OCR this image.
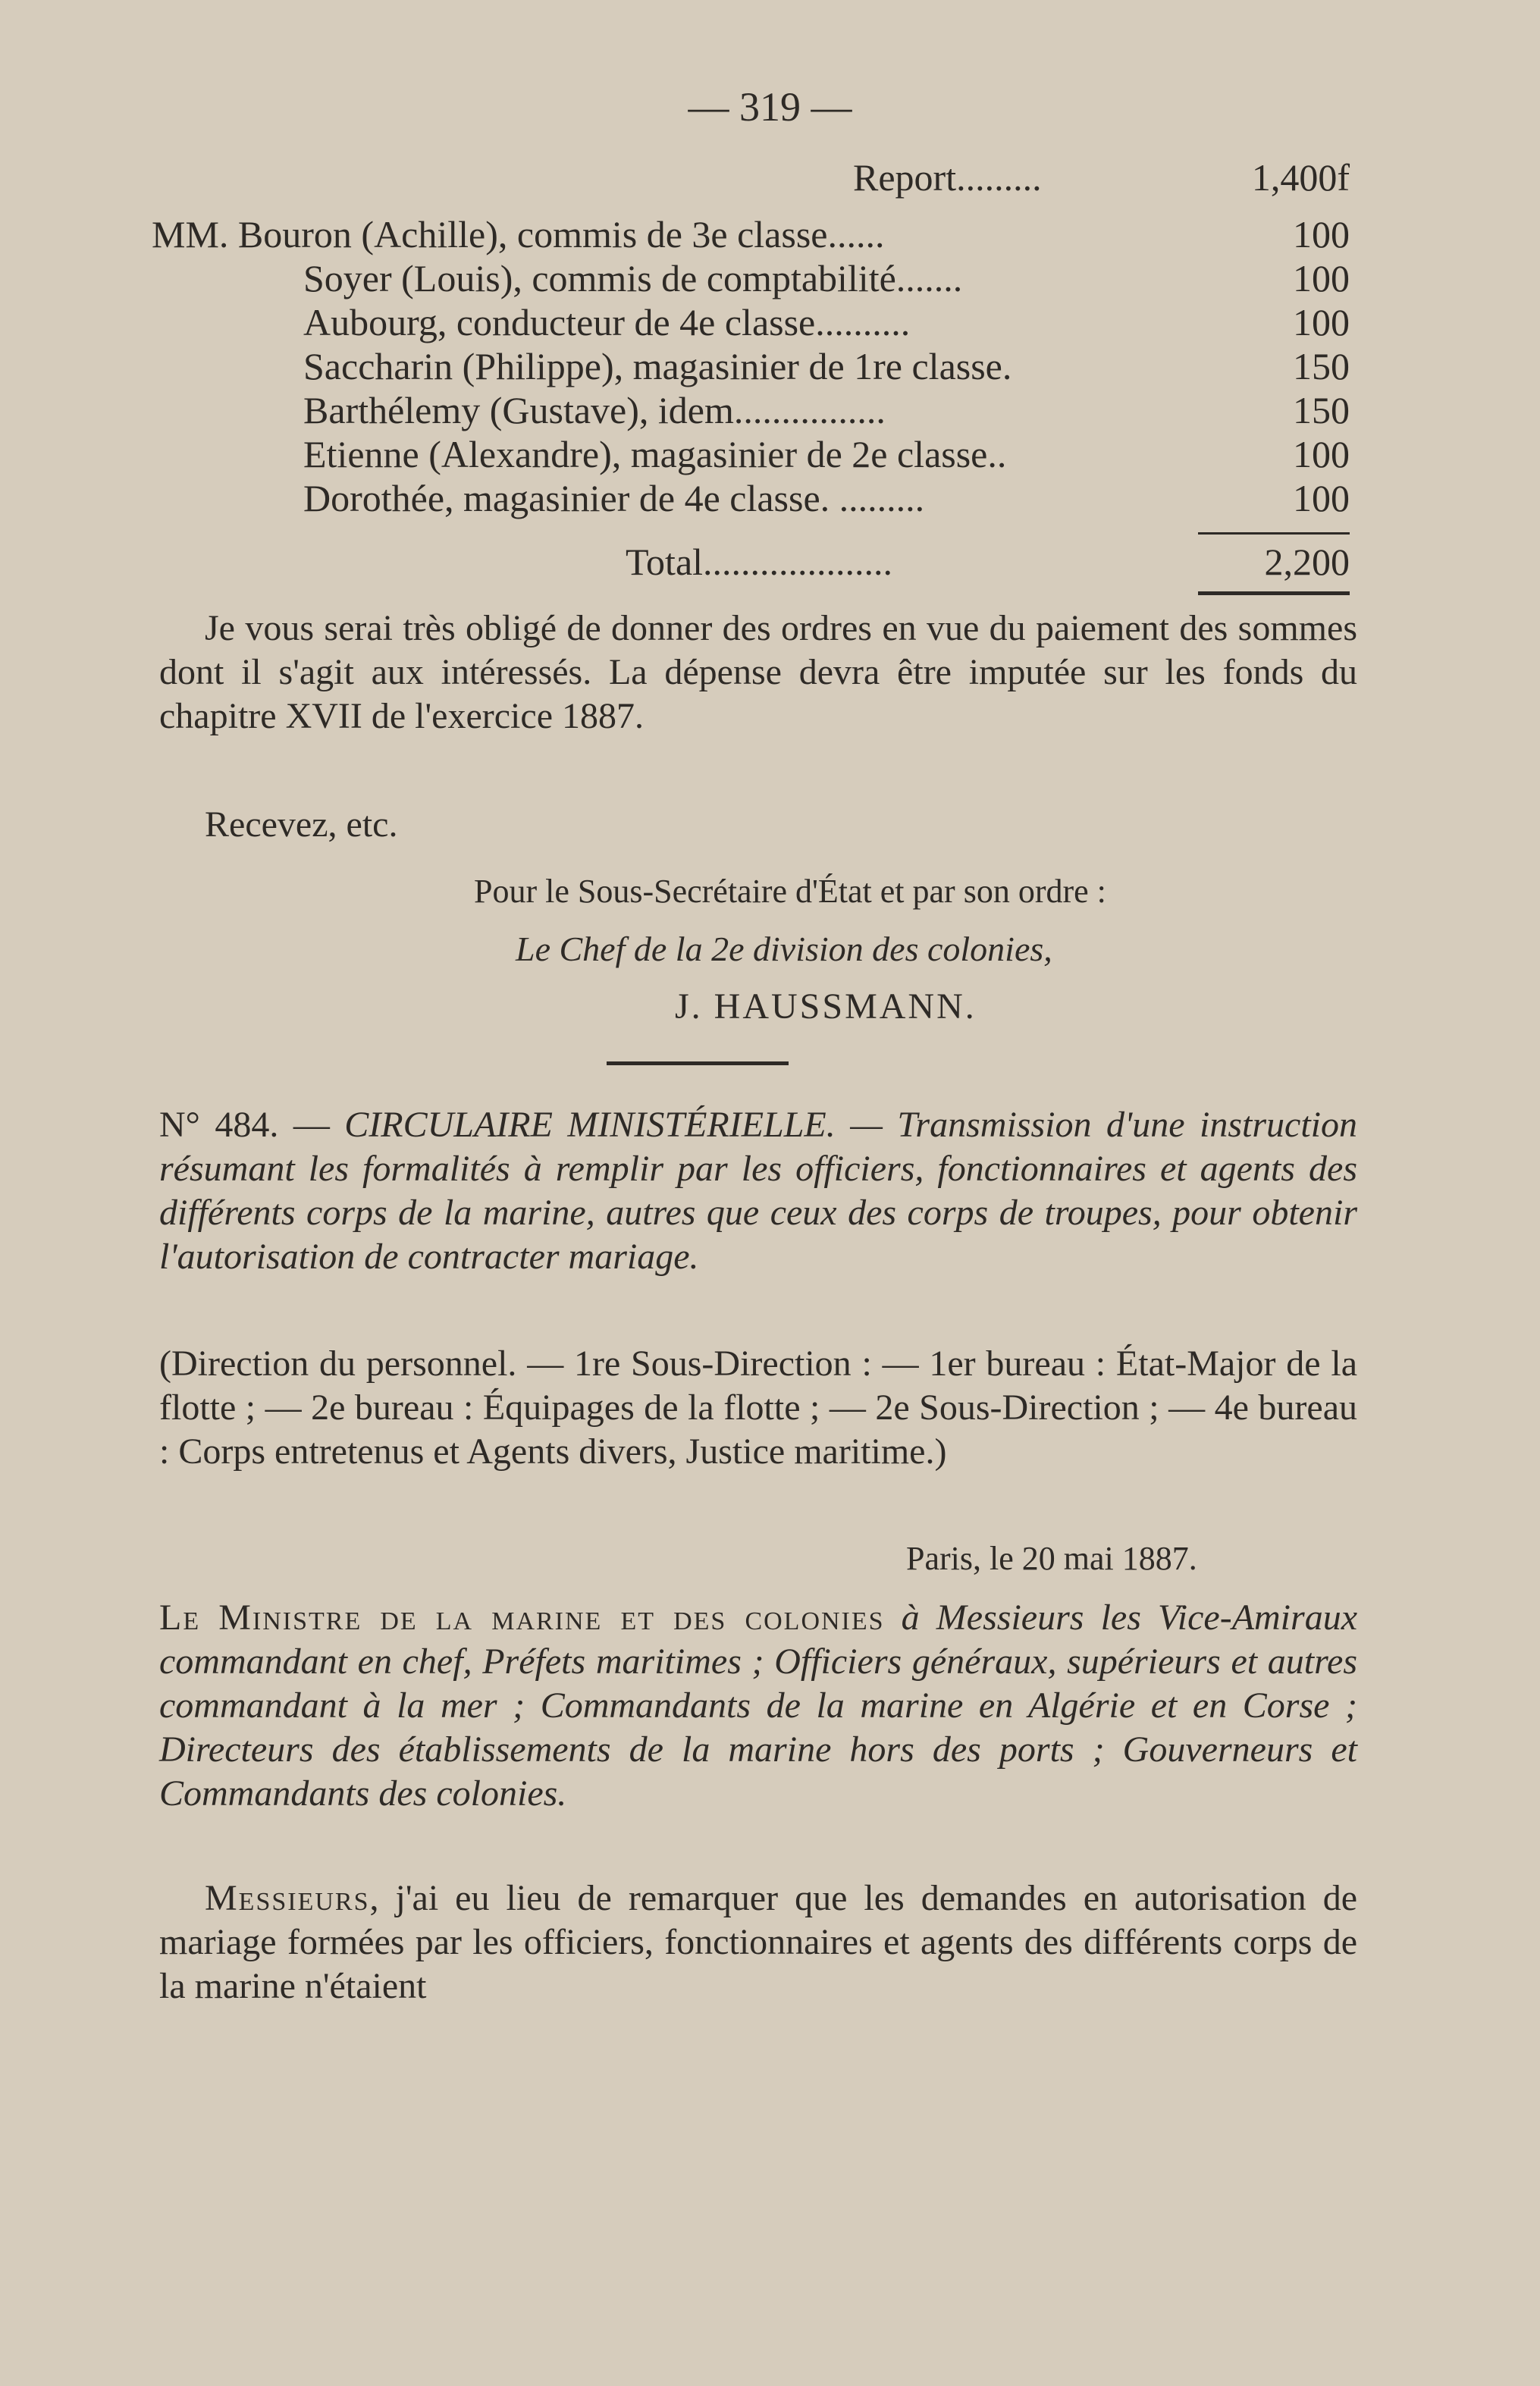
— 319 —
Report.........	1,400f
MM. Bouron (Achille), commis de 3e classe......	100
Soyer (Louis), commis de comptabilité.......	100
Aubourg, conducteur de 4e classe..........	100
Saccharin (Philippe), magasinier de 1re classe.	150
Barthélemy (Gustave), idem................	150
Etienne (Alexandre), magasinier de 2e classe..	100
Dorothée, magasinier de 4e classe. .........	100
Total....................	2,200
Je vous serai très obligé de donner des ordres en vue du paiement des sommes dont il s'agit aux intéressés. La dépense devra être imputée sur les fonds du chapitre XVII de l'exercice 1887.
Recevez, etc.
Pour le Sous-Secrétaire d'État et par son ordre :
Le Chef de la 2e division des colonies,
J. HAUSSMANN.
N° 484. — CIRCULAIRE MINISTÉRIELLE. — Transmission d'une instruction résumant les formalités à remplir par les officiers, fonctionnaires et agents des différents corps de la marine, autres que ceux des corps de troupes, pour obtenir l'autorisation de contracter mariage.
(Direction du personnel. — 1re Sous-Direction : — 1er bureau : État-Major de la flotte ; — 2e bureau : Équipages de la flotte ; — 2e Sous-Direction ; — 4e bureau : Corps entretenus et Agents divers, Justice maritime.)
Paris, le 20 mai 1887.
Le Ministre de la marine et des colonies à Messieurs les Vice-Amiraux commandant en chef, Préfets maritimes ; Officiers généraux, supérieurs et autres commandant à la mer ; Commandants de la marine en Algérie et en Corse ; Directeurs des établissements de la marine hors des ports ; Gouverneurs et Commandants des colonies.
Messieurs, j'ai eu lieu de remarquer que les demandes en autorisation de mariage formées par les officiers, fonctionnaires et agents des différents corps de la marine n'étaient
